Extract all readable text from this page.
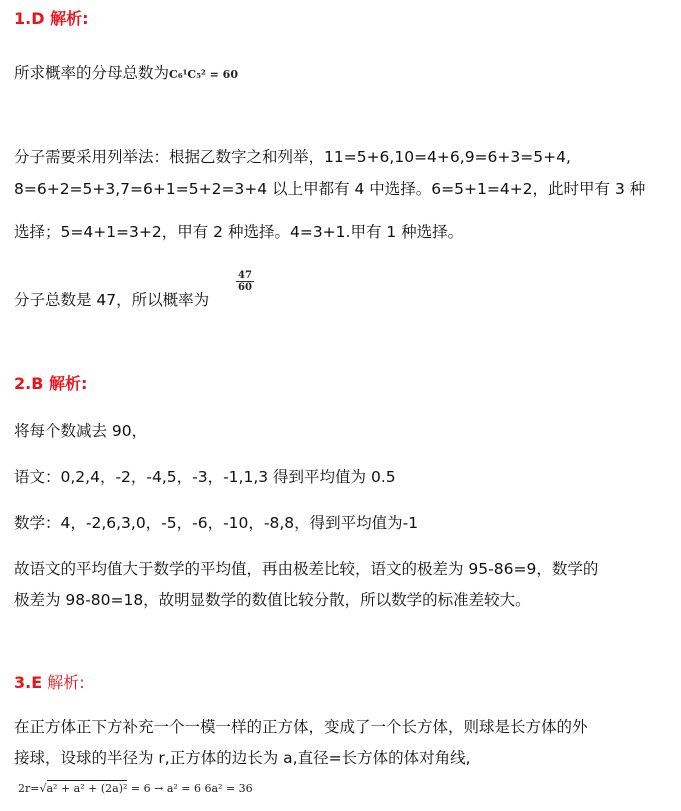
1.D 解析:
所求概率的分母总数为C₆¹C₅² = 60
分子需要采用列举法：根据乙数字之和列举，11=5+6,10=4+6,9=6+3=5+4,
8=6+2=5+3,7=6+1=5+2=3+4 以上甲都有 4 中选择。6=5+1=4+2，此时甲有 3 种
选择；5=4+1=3+2，甲有 2 种选择。4=3+1.甲有 1 种选择。
分子总数是 47，所以概率为
$\frac{47}{60}$
2.B 解析:
将每个数减去 90，
语文：0,2,4，-2，-4,5，-3，-1,1,3 得到平均值为 0.5
数学：4，-2,6,3,0，-5，-6，-10，-8,8，得到平均值为-1
故语文的平均值大于数学的平均值，再由极差比较，语文的极差为 95-86=9，数学的
极差为 98-80=18，故明显数学的数值比较分散，所以数学的标准差较大。
3.E 解析:
在正方体正下方补充一个一模一样的正方体，变成了一个长方体，则球是长方体的外
接球，设球的半径为 r,正方体的边长为 a,直径=长方体的体对角线,
2r=√a² + a² + (2a)² = 6 → a² = 6 6a² = 36
